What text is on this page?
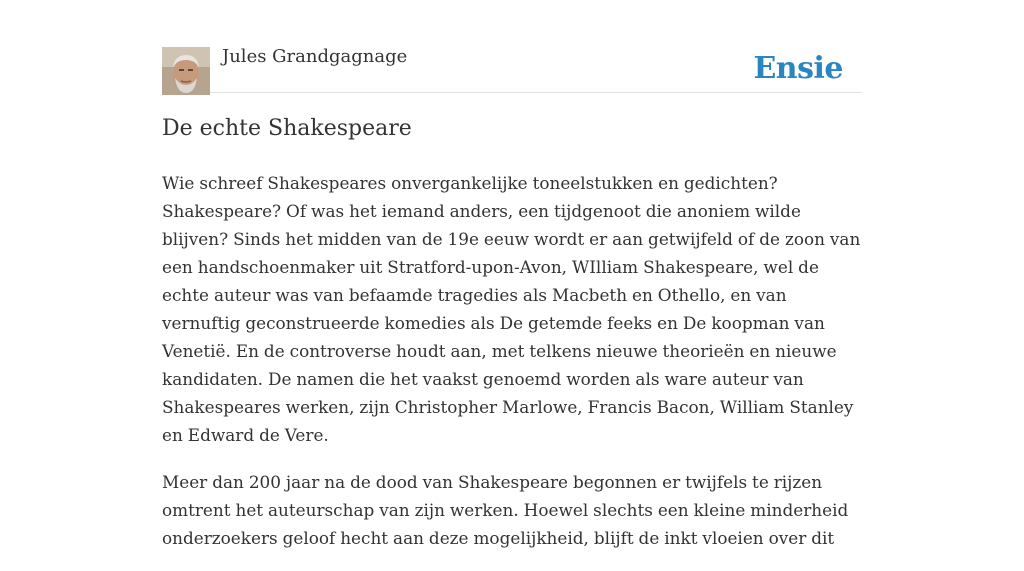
Jules Grandgagnage	Ensie
De echte Shakespeare

Wie schreef Shakespeares onvergankelijke toneelstukken en gedichten? Shakespeare? Of was het iemand anders, een tijdgenoot die anoniem wilde blijven? Sinds het midden van de 19e eeuw wordt er aan getwijfeld of de zoon van een handschoenmaker uit Stratford-upon-Avon, WIlliam Shakespeare, wel de echte auteur was van befaamde tragedies als Macbeth en Othello, en van vernuftig geconstrueerde komedies als De getemde feeks en De koopman van Venetië. En de controverse houdt aan, met telkens nieuwe theorieën en nieuwe kandidaten. De namen die het vaakst genoemd worden als ware auteur van Shakespeares werken, zijn Christopher Marlowe, Francis Bacon, William Stanley en Edward de Vere.

Meer dan 200 jaar na de dood van Shakespeare begonnen er twijfels te rijzen omtrent het auteurschap van zijn werken. Hoewel slechts een kleine minderheid onderzoekers geloof hecht aan deze mogelijkheid, blijft de inkt vloeien over dit
